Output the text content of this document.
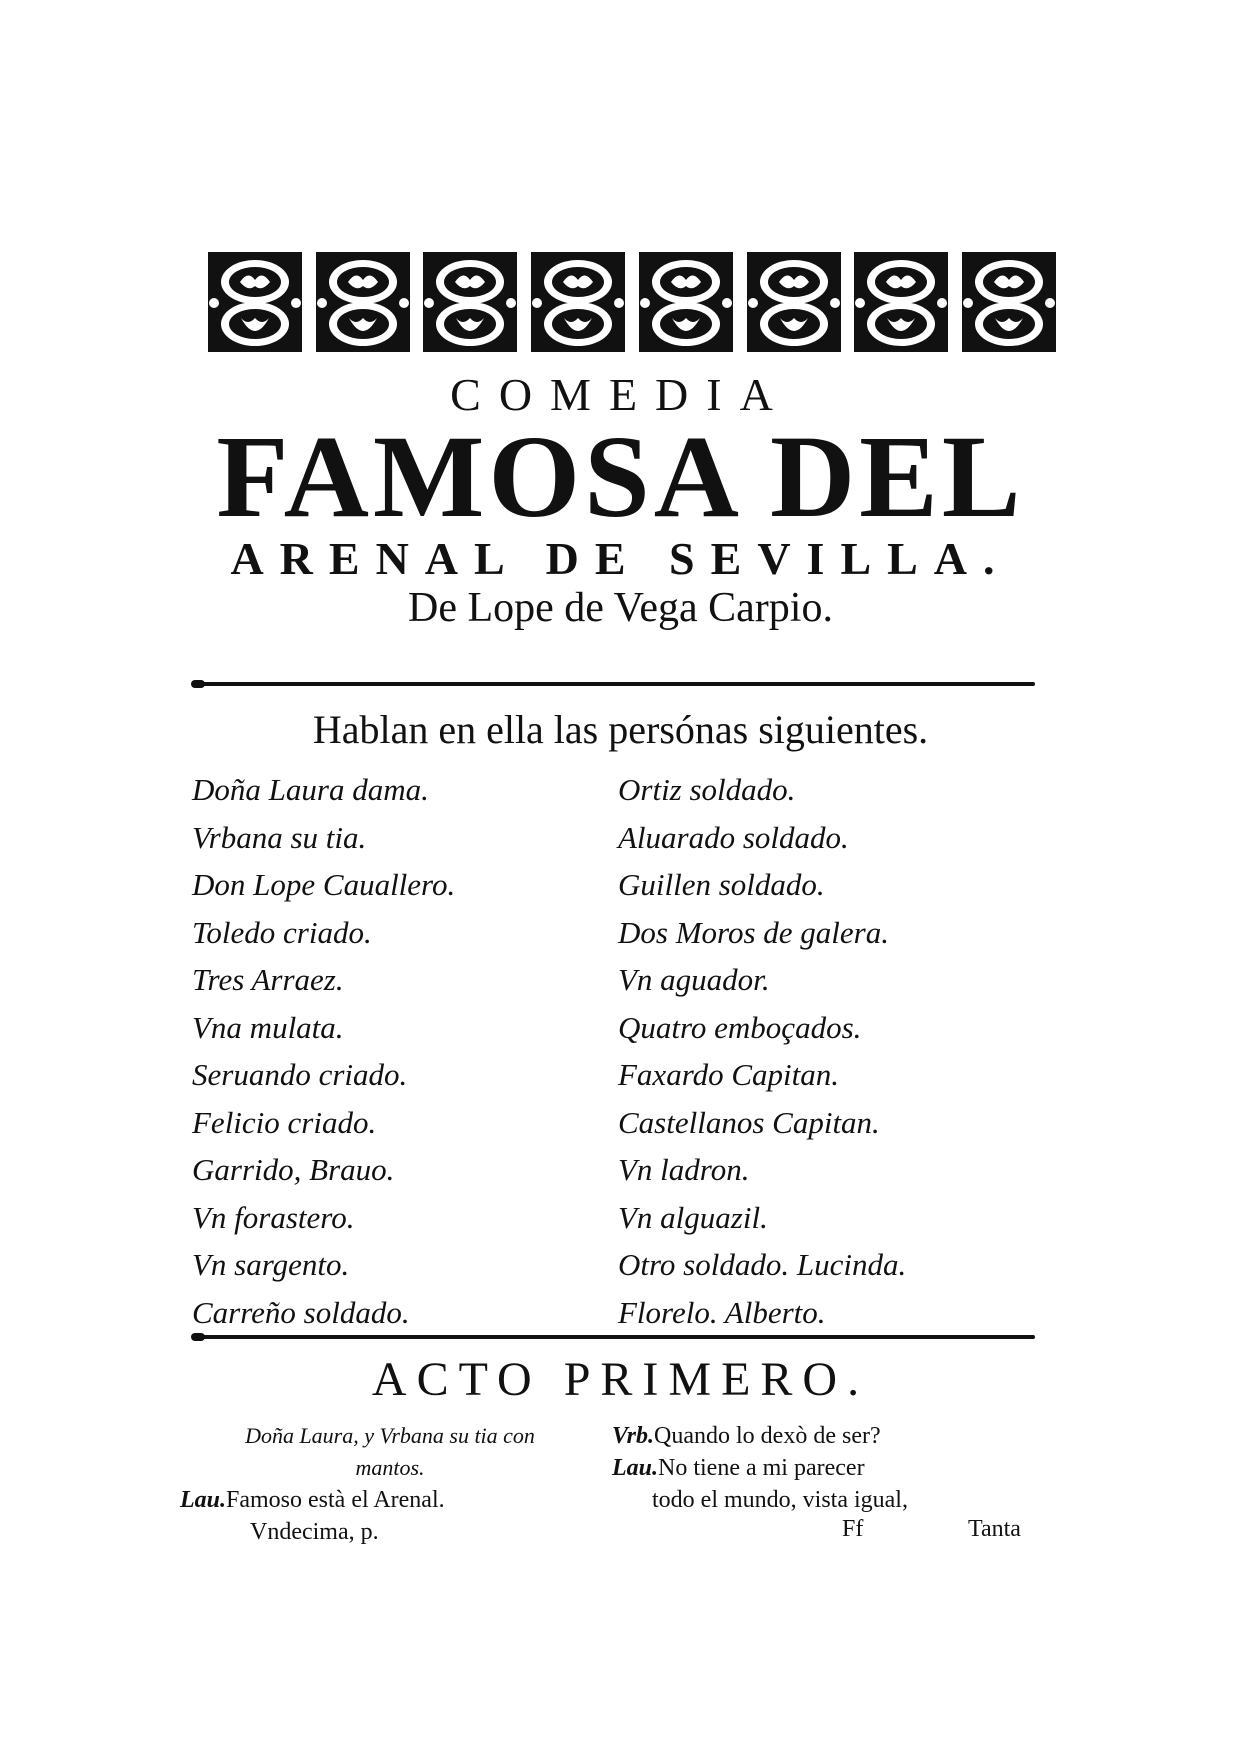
COMEDIA
FAMOSA DEL
ARENAL DE SEVILLA.
De Lope de Vega Carpio.
Hablan en ella las persónas siguientes.
Doña Laura dama.
Vrbana su tia.
Don Lope Cauallero.
Toledo criado.
Tres Arraez.
Vna mulata.
Seruando criado.
Felicio criado.
Garrido, Brauo.
Vn forastero.
Vn sargento.
Carreño soldado.
Ortiz soldado.
Aluarado soldado.
Guillen soldado.
Dos Moros de galera.
Vn aguador.
Quatro emboçados.
Faxardo Capitan.
Castellanos Capitan.
Vn ladron.
Vn alguazil.
Otro soldado. Lucinda.
Florelo. Alberto.
ACTO PRIMERO.
Doña Laura, y Vrbana su tia con mantos.
Lau.Famoso està el Arenal.
Vndecima, p.
Vrb.Quando lo dexò de ser?
Lau.No tiene a mi parecer
todo el mundo, vista igual,
Ff	Tanta
